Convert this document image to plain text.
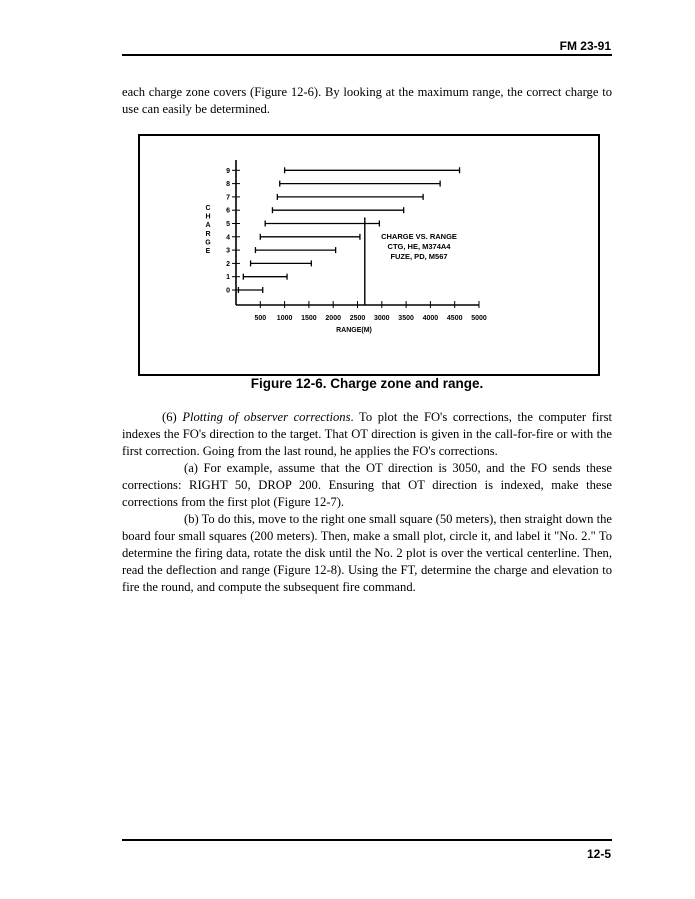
FM 23-91
each charge zone covers (Figure 12-6). By looking at the maximum range, the correct charge to use can easily be determined.
0
1
2
3
4
5
6
7
8
9
500 1000 1500 2000 2500 3000 3500 4000 4500 5000
C
H
A
R
G
E
RANGE(M)
CHARGE VS. RANGE
CTG, HE, M374A4
FUZE, PD, M567
Figure 12-6. Charge zone and range.
(6) Plotting of observer corrections. To plot the FO's corrections, the computer first indexes the FO's direction to the target. That OT direction is given in the call-for-fire or with the first correction. Going from the last round, he applies the FO's corrections.
(a) For example, assume that the OT direction is 3050, and the FO sends these corrections: RIGHT 50, DROP 200. Ensuring that OT direction is indexed, make these corrections from the first plot (Figure 12-7).
(b) To do this, move to the right one small square (50 meters), then straight down the board four small squares (200 meters). Then, make a small plot, circle it, and label it "No. 2." To determine the firing data, rotate the disk until the No. 2 plot is over the vertical centerline. Then, read the deflection and range (Figure 12-8). Using the FT, determine the charge and elevation to fire the round, and compute the subsequent fire command.
12-5
